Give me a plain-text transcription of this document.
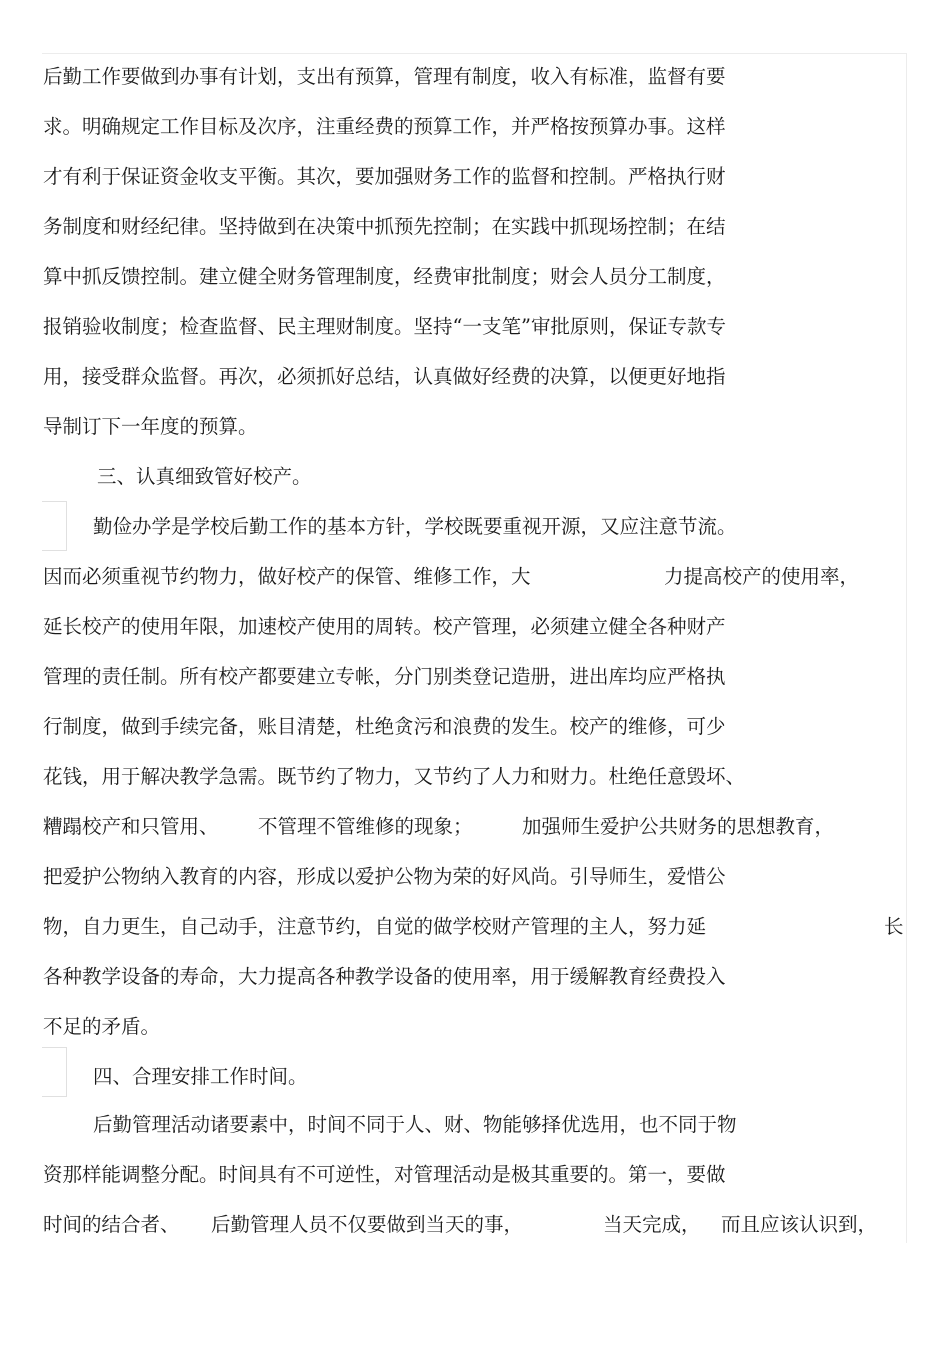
后勤工作要做到办事有计划，支出有预算，管理有制度，收入有标准，监督有要
求。明确规定工作目标及次序，注重经费的预算工作，并严格按预算办事。这样
才有利于保证资金收支平衡。其次，要加强财务工作的监督和控制。严格执行财
务制度和财经纪律。坚持做到在决策中抓预先控制；在实践中抓现场控制；在结
算中抓反馈控制。建立健全财务管理制度，经费审批制度；财会人员分工制度，
报销验收制度；检查监督、民主理财制度。坚持“一支笔”审批原则，保证专款专
用，接受群众监督。再次，必须抓好总结，认真做好经费的决算，以便更好地指
导制订下一年度的预算。
三、认真细致管好校产。
勤俭办学是学校后勤工作的基本方针，学校既要重视开源，又应注意节流。
因而必须重视节约物力，做好校产的保管、维修工作，大	力提高校产的使用率，
延长校产的使用年限，加速校产使用的周转。校产管理，必须建立健全各种财产
管理的责任制。所有校产都要建立专帐，分门别类登记造册，进出库均应严格执
行制度，做到手续完备，账目清楚，杜绝贪污和浪费的发生。校产的维修，可少
花钱，用于解决教学急需。既节约了物力，又节约了人力和财力。杜绝任意毁坏、
糟蹋校产和只管用、 不管理不管维修的现象；	加强师生爱护公共财务的思想教育，
把爱护公物纳入教育的内容，形成以爱护公物为荣的好风尚。引导师生，爱惜公
物，自力更生，自己动手，注意节约，自觉的做学校财产管理的主人，努力延	长
各种教学设备的寿命，大力提高各种教学设备的使用率，用于缓解教育经费投入
不足的矛盾。
四、合理安排工作时间。
后勤管理活动诸要素中，时间不同于人、财、物能够择优选用，也不同于物
资那样能调整分配。时间具有不可逆性，对管理活动是极其重要的。第一，要做
时间的结合者、 后勤管理人员不仅要做到当天的事，	当天完成， 而且应该认识到，
